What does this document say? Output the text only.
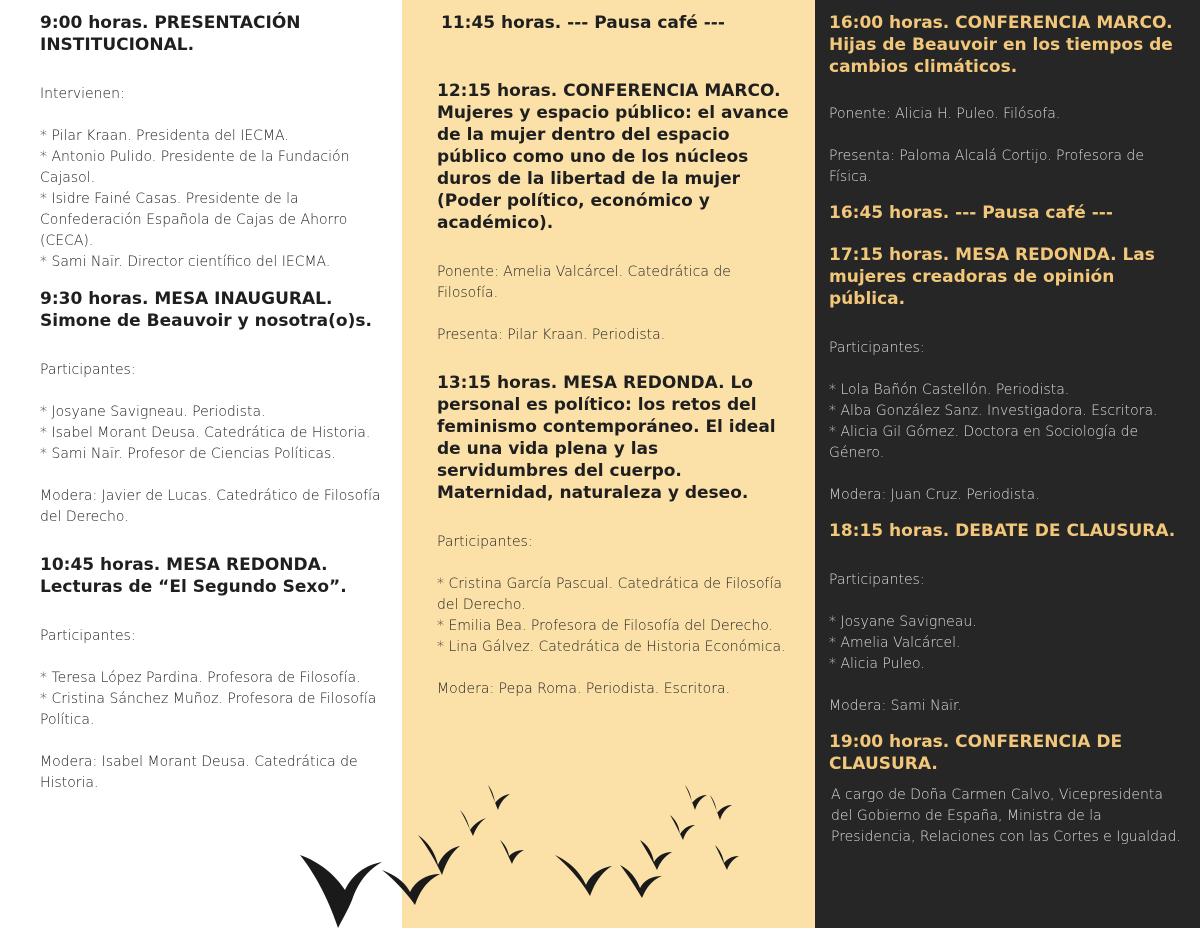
9:00 horas. PRESENTACIÓN INSTITUCIONAL.

Intervienen:

* Pilar Kraan. Presidenta del IECMA.

* Antonio Pulido. Presidente de la Fundación Cajasol.

* Isidre Fainé Casas. Presidente de la Confederación Española de Cajas de Ahorro (CECA).

* Sami Naïr. Director científico del IECMA.

9:30 horas. MESA INAUGURAL. Simone de Beauvoir y nosotra(o)s.

Participantes:

* Josyane Savigneau. Periodista.

* Isabel Morant Deusa. Catedrática de Historia.

* Sami Naïr. Profesor de Ciencias Políticas.

Modera: Javier de Lucas. Catedrático de Filosofía del Derecho.

10:45 horas. MESA REDONDA. Lecturas de “El Segundo Sexo”.

Participantes:

* Teresa López Pardina. Profesora de Filosofía.

* Cristina Sánchez Muñoz. Profesora de Filosofía Política.

Modera: Isabel Morant Deusa. Catedrática de Historia.

11:45 horas. --- Pausa café ---

12:15 horas. CONFERENCIA MARCO. Mujeres y espacio público: el avance de la mujer dentro del espacio público como uno de los núcleos duros de la libertad de la mujer (Poder político, económico y académico).

Ponente: Amelia Valcárcel. Catedrática de Filosofía.

Presenta: Pilar Kraan. Periodista.

13:15 horas. MESA REDONDA. Lo personal es político: los retos del feminismo contemporáneo. El ideal de una vida plena y las servidumbres del cuerpo. Maternidad, naturaleza y deseo.

Participantes:

* Cristina García Pascual. Catedrática de Filosofía del Derecho.

* Emilia Bea. Profesora de Filosofía del Derecho.

* Lina Gálvez. Catedrática de Historia Económica.

Modera: Pepa Roma. Periodista. Escritora.

16:00 horas. CONFERENCIA MARCO. Hijas de Beauvoir en los tiempos de cambios climáticos.

Ponente: Alicia H. Puleo. Filósofa.

Presenta: Paloma Alcalá Cortijo. Profesora de Física.

16:45 horas. --- Pausa café ---

17:15 horas. MESA REDONDA. Las mujeres creadoras de opinión pública.

Participantes:

* Lola Bañón Castellón. Periodista.

* Alba González Sanz. Investigadora. Escritora.

* Alicia Gil Gómez. Doctora en Sociología de Género.

Modera: Juan Cruz. Periodista.

18:15 horas. DEBATE DE CLAUSURA.

Participantes:

* Josyane Savigneau.

* Amelia Valcárcel.

* Alicia Puleo.

Modera: Sami Naïr.

19:00 horas. CONFERENCIA DE CLAUSURA.

A cargo de Doña Carmen Calvo, Vicepresidenta del Gobierno de España, Ministra de la Presidencia, Relaciones con las Cortes e Igualdad.
